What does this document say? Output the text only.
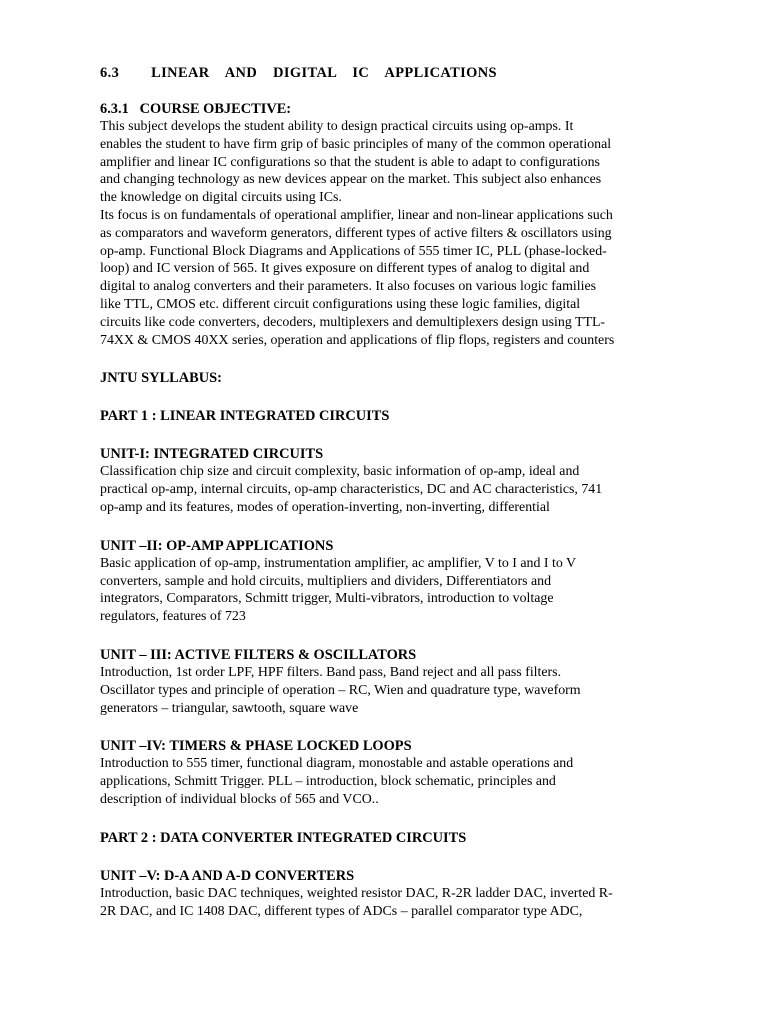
6.3    LINEAR  AND  DIGITAL  IC  APPLICATIONS

6.3.1   COURSE OBJECTIVE:

This subject develops the student ability to design practical circuits using op-amps. It
enables the student to have firm grip of basic principles of many of the common operational
amplifier and linear IC configurations so that the student is able to adapt to configurations
and changing technology as new devices appear on the market. This subject also enhances
the knowledge on digital circuits using ICs.
Its focus is on fundamentals of operational amplifier, linear and non-linear applications such
as comparators and waveform generators, different types of active filters & oscillators using
op-amp. Functional Block Diagrams and Applications of 555 timer IC, PLL (phase-locked-
loop) and IC version of 565. It gives exposure on different types of analog to digital and
digital to analog converters and their parameters. It also focuses on various logic families
like TTL, CMOS etc. different circuit configurations using these logic families, digital
circuits like code converters, decoders, multiplexers and demultiplexers design using TTL-
74XX & CMOS 40XX series, operation and applications of flip flops, registers and counters

JNTU SYLLABUS:

PART 1 : LINEAR INTEGRATED CIRCUITS

UNIT-I: INTEGRATED CIRCUITS

Classification chip size and circuit complexity, basic information of op-amp, ideal and
practical op-amp, internal circuits, op-amp characteristics, DC and AC characteristics, 741
op-amp and its features, modes of operation-inverting, non-inverting, differential

UNIT –II: OP-AMP APPLICATIONS

Basic application of op-amp, instrumentation amplifier, ac amplifier, V to I and I to V
converters, sample and hold circuits, multipliers and dividers, Differentiators and
integrators, Comparators, Schmitt trigger, Multi-vibrators, introduction to voltage
regulators, features of 723

UNIT – III: ACTIVE FILTERS & OSCILLATORS

Introduction, 1st order LPF, HPF filters. Band pass, Band reject and all pass filters.
Oscillator types and principle of operation – RC, Wien and quadrature type, waveform
generators – triangular, sawtooth, square wave

UNIT –IV: TIMERS & PHASE LOCKED LOOPS

Introduction to 555 timer, functional diagram, monostable and astable operations and
applications, Schmitt Trigger. PLL – introduction, block schematic, principles and
description of individual blocks of 565 and VCO..

PART 2 : DATA CONVERTER INTEGRATED CIRCUITS

UNIT –V: D-A AND A-D CONVERTERS

Introduction, basic DAC techniques, weighted resistor DAC, R-2R ladder DAC, inverted R-
2R DAC, and IC 1408 DAC, different types of ADCs – parallel comparator type ADC,
